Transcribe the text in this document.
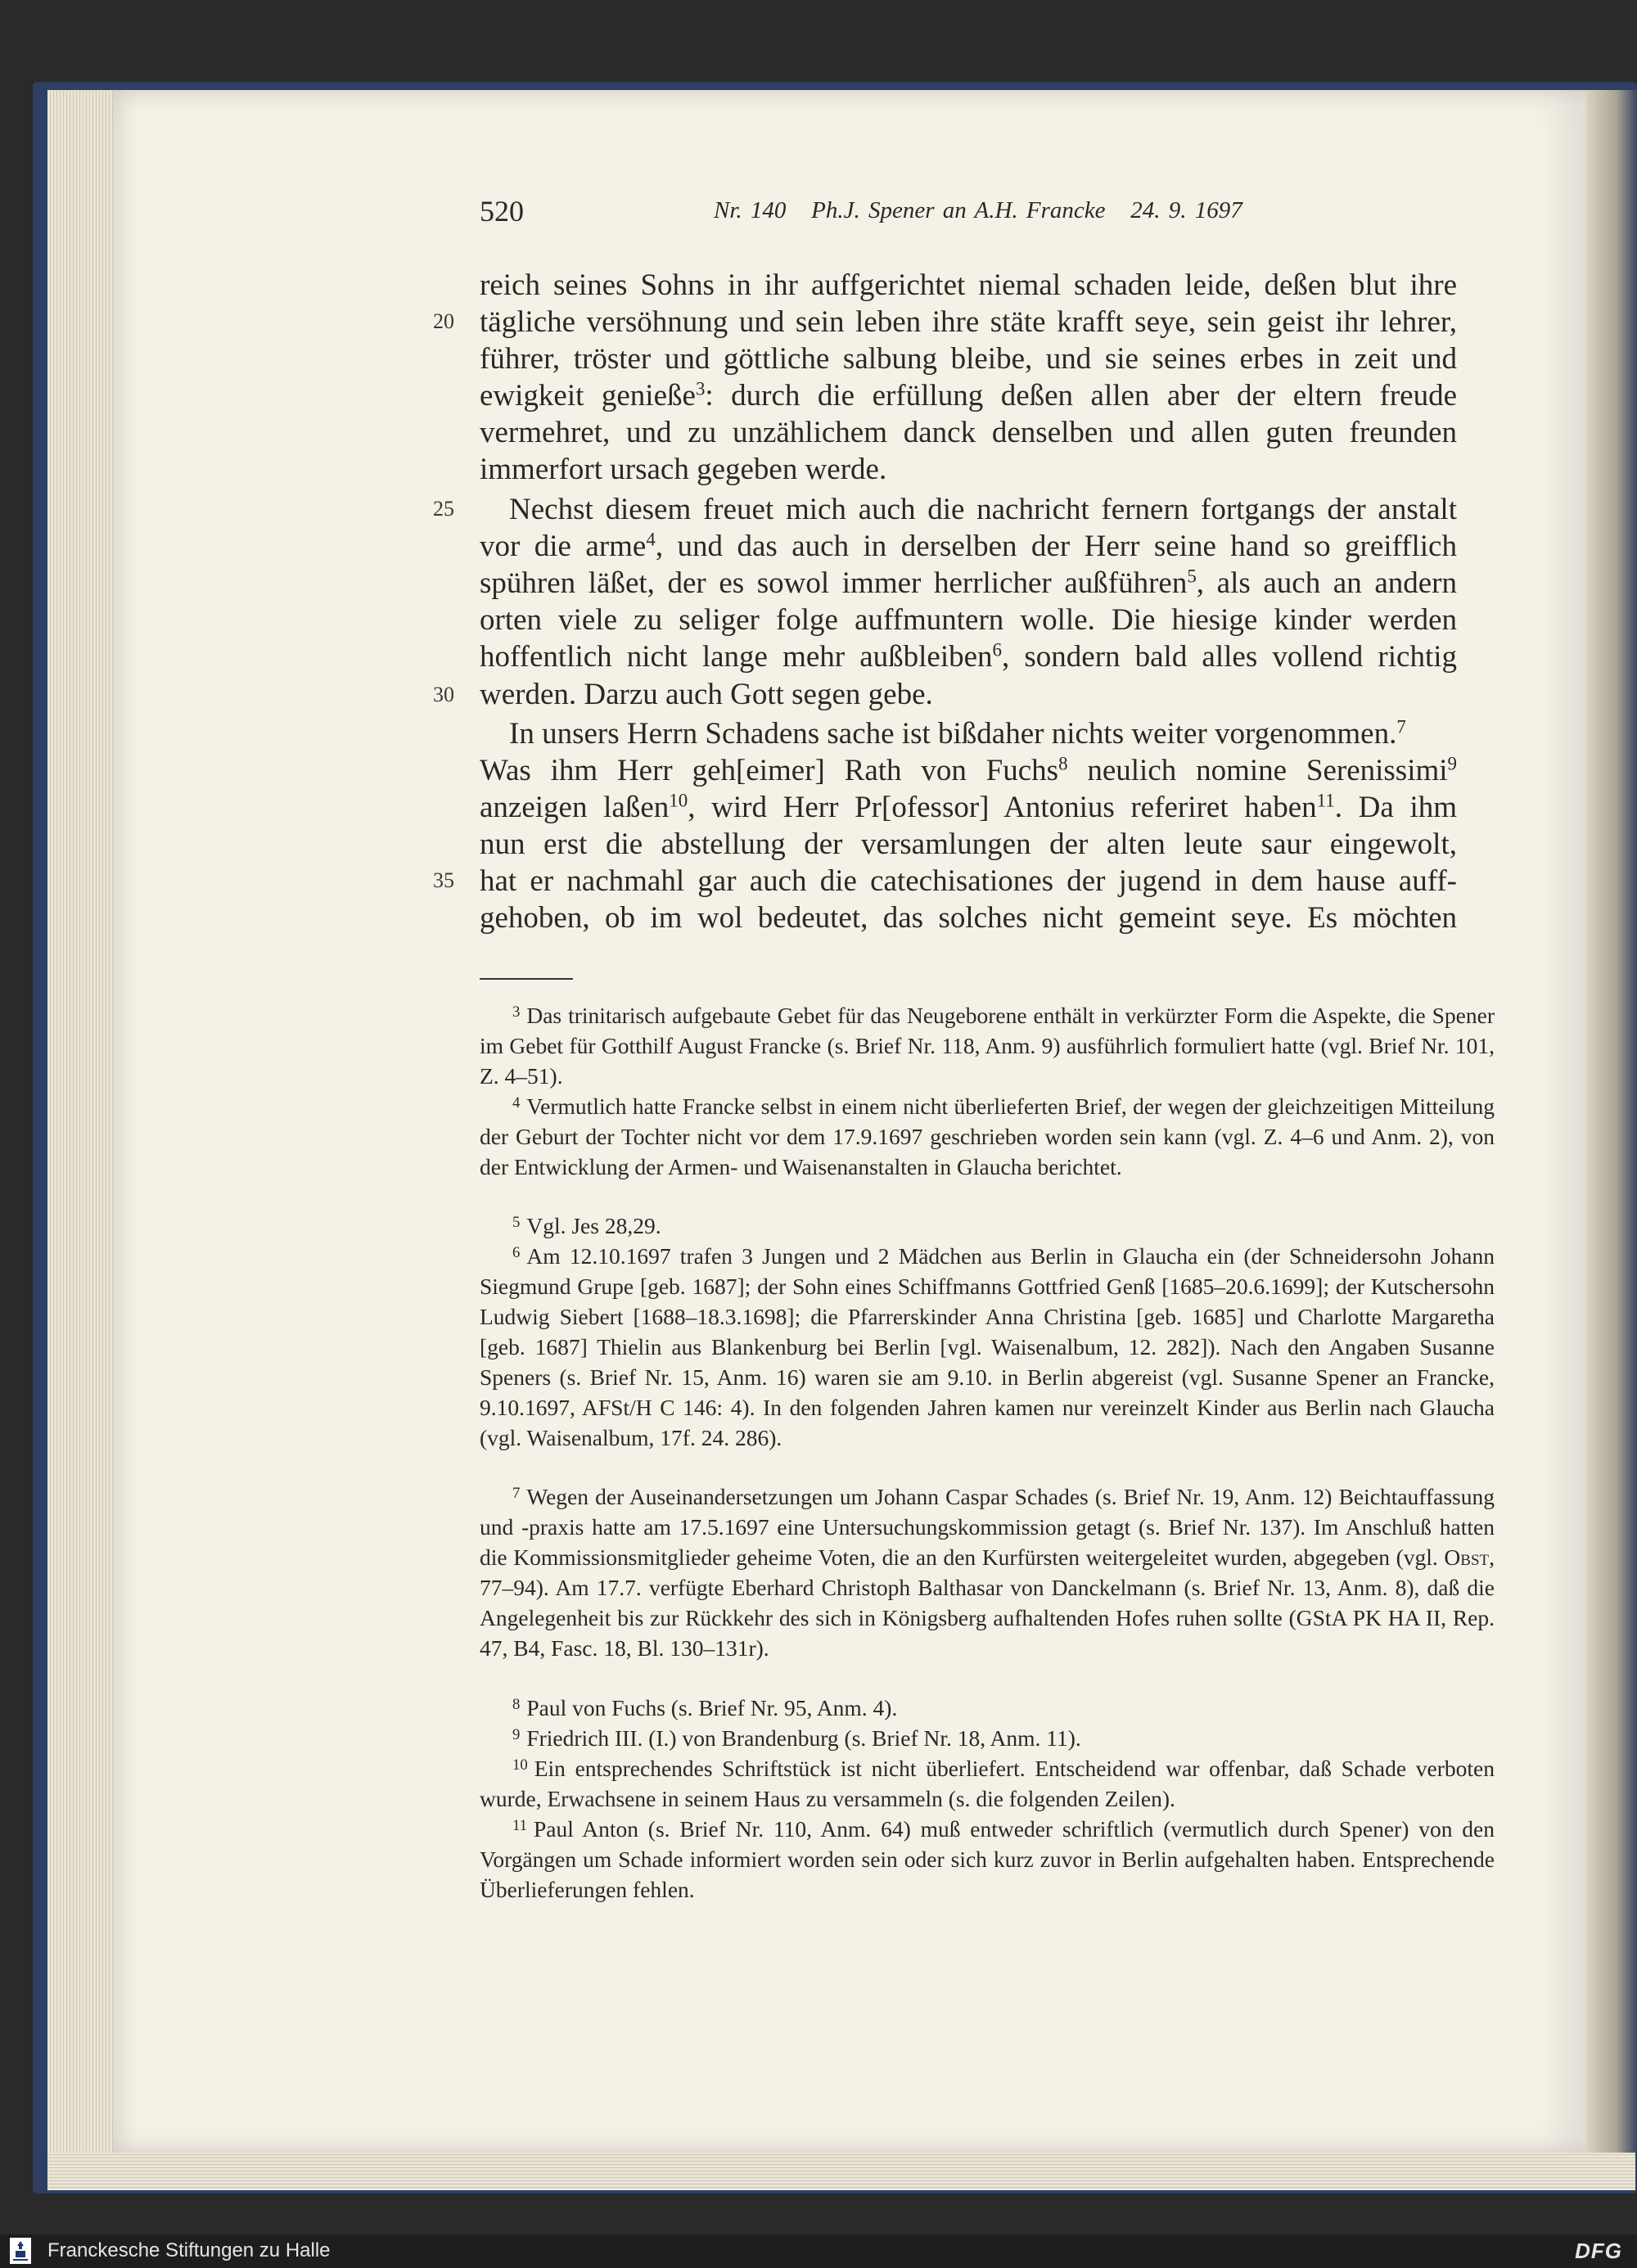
520	Nr. 140   Ph.J. Spener an A.H. Francke   24. 9. 1697
20
25
30
35
reich seines Sohns in ihr auffgerichtet niemal schaden leide, deßen blut ihre
tägliche versöhnung und sein leben ihre stäte krafft seye, sein geist ihr lehrer,
führer, tröster und göttliche salbung bleibe, und sie seines erbes in zeit und
ewigkeit genieße$^3$: durch die erfüllung deßen allen aber der eltern freude
vermehret, und zu unzählichem danck denselben und allen guten freunden
immerfort ursach gegeben werde.
Nechst diesem freuet mich auch die nachricht fernern fortgangs der anstalt
vor die arme$^4$, und das auch in derselben der Herr seine hand so greifflich
spühren läßet, der es sowol immer herrlicher außführen$^5$, als auch an andern
orten viele zu seliger folge auffmuntern wolle. Die hiesige kinder werden
hoffentlich nicht lange mehr außbleiben$^6$, sondern bald alles vollend richtig
werden. Darzu auch Gott segen gebe.
In unsers Herrn Schadens sache ist bißdaher nichts weiter vorgenommen.$^7$
Was ihm Herr geh[eimer] Rath von Fuchs$^8$ neulich nomine Serenissimi$^9$
anzeigen laßen$^{10}$, wird Herr Pr[ofessor] Antonius referiret haben$^{11}$. Da ihm
nun erst die abstellung der versamlungen der alten leute saur eingewolt,
hat er nachmahl gar auch die catechisationes der jugend in dem hause auff-
gehoben, ob im wol bedeutet, das solches nicht gemeint seye. Es möchten
$^3$ Das trinitarisch aufgebaute Gebet für das Neugeborene enthält in verkürzter Form die Aspekte, die Spener im Gebet für Gotthilf August Francke (s. Brief Nr. 118, Anm. 9) ausführlich formuliert hatte (vgl. Brief Nr. 101, Z. 4–51).
$^4$ Vermutlich hatte Francke selbst in einem nicht überlieferten Brief, der wegen der gleichzeitigen Mitteilung der Geburt der Tochter nicht vor dem 17.9.1697 geschrieben worden sein kann (vgl. Z. 4–6 und Anm. 2), von der Entwicklung der Armen- und Waisenanstalten in Glaucha berichtet.
$^5$ Vgl. Jes 28,29.
$^6$ Am 12.10.1697 trafen 3 Jungen und 2 Mädchen aus Berlin in Glaucha ein (der Schneidersohn Johann Siegmund Grupe [geb. 1687]; der Sohn eines Schiffmanns Gottfried Genß [1685–20.6.1699]; der Kutschersohn Ludwig Siebert [1688–18.3.1698]; die Pfarrerskinder Anna Christina [geb. 1685] und Charlotte Margaretha [geb. 1687] Thielin aus Blankenburg bei Berlin [vgl. Waisenalbum, 12. 282]). Nach den Angaben Susanne Speners (s. Brief Nr. 15, Anm. 16) waren sie am 9.10. in Berlin abgereist (vgl. Susanne Spener an Francke, 9.10.1697, AFSt/H C 146: 4). In den folgenden Jahren kamen nur vereinzelt Kinder aus Berlin nach Glaucha (vgl. Waisenalbum, 17f. 24. 286).
$^7$ Wegen der Auseinandersetzungen um Johann Caspar Schades (s. Brief Nr. 19, Anm. 12) Beichtauffassung und -praxis hatte am 17.5.1697 eine Untersuchungskommission getagt (s. Brief Nr. 137). Im Anschluß hatten die Kommissionsmitglieder geheime Voten, die an den Kurfürsten weitergeleitet wurden, abgegeben (vgl. Obst, 77–94). Am 17.7. verfügte Eberhard Christoph Balthasar von Danckelmann (s. Brief Nr. 13, Anm. 8), daß die Angelegenheit bis zur Rückkehr des sich in Königsberg aufhaltenden Hofes ruhen sollte (GStA PK HA II, Rep. 47, B4, Fasc. 18, Bl. 130–131r).
$^8$ Paul von Fuchs (s. Brief Nr. 95, Anm. 4).
$^9$ Friedrich III. (I.) von Brandenburg (s. Brief Nr. 18, Anm. 11).
$^{10}$ Ein entsprechendes Schriftstück ist nicht überliefert. Entscheidend war offenbar, daß Schade verboten wurde, Erwachsene in seinem Haus zu versammeln (s. die folgenden Zeilen).
$^{11}$ Paul Anton (s. Brief Nr. 110, Anm. 64) muß entweder schriftlich (vermutlich durch Spener) von den Vorgängen um Schade informiert worden sein oder sich kurz zuvor in Berlin aufgehalten haben. Entsprechende Überlieferungen fehlen.
Franckesche Stiftungen zu Halle	DFG
